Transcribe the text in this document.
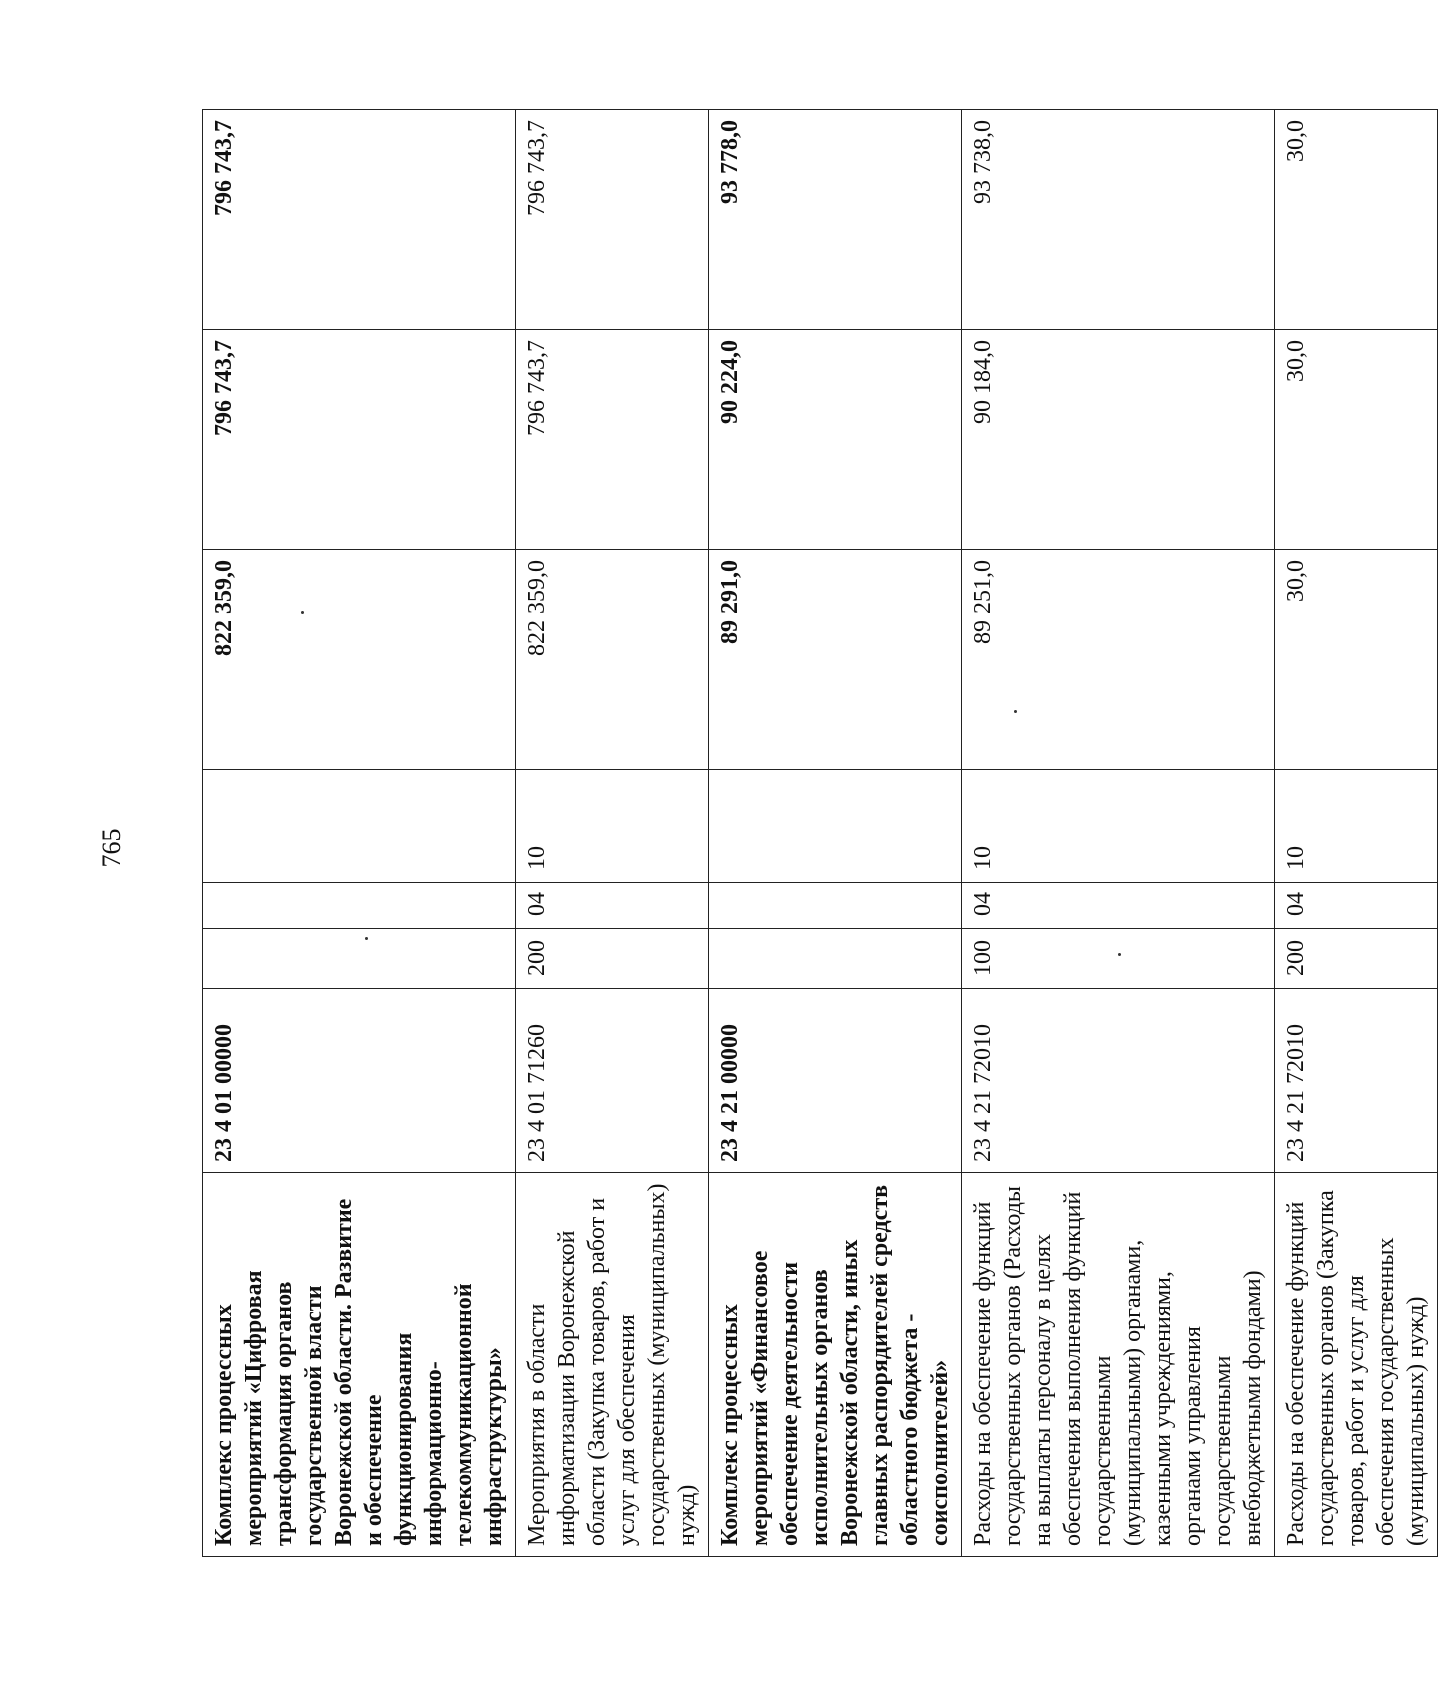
765
Комплекс процессных мероприятий «Цифровая трансформация органов государственной власти Воронежской области. Развитие и обеспечение функционирования информационно-телекоммуникационной инфраструктуры»	23 4 01 00000				822 359,0	796 743,7	796 743,7
Мероприятия в области информатизации Воронежской области (Закупка товаров, работ и услуг для обеспечения государственных (муниципальных) нужд)	23 4 01 71260	200	04	10	822 359,0	796 743,7	796 743,7
Комплекс процессных мероприятий «Финансовое обеспечение деятельности исполнительных органов Воронежской области, иных главных распорядителей средств областного бюджета - соисполнителей»	23 4 21 00000				89 291,0	90 224,0	93 778,0
Расходы на обеспечение функций государственных органов (Расходы на выплаты персоналу в целях обеспечения выполнения функций государственными (муниципальными) органами, казенными учреждениями, органами управления государственными внебюджетными фондами)	23 4 21 72010	100	04	10	89 251,0	90 184,0	93 738,0
Расходы на обеспечение функций государственных органов (Закупка товаров, работ и услуг для обеспечения государственных (муниципальных) нужд)	23 4 21 72010	200	04	10	30,0	30,0	30,0
